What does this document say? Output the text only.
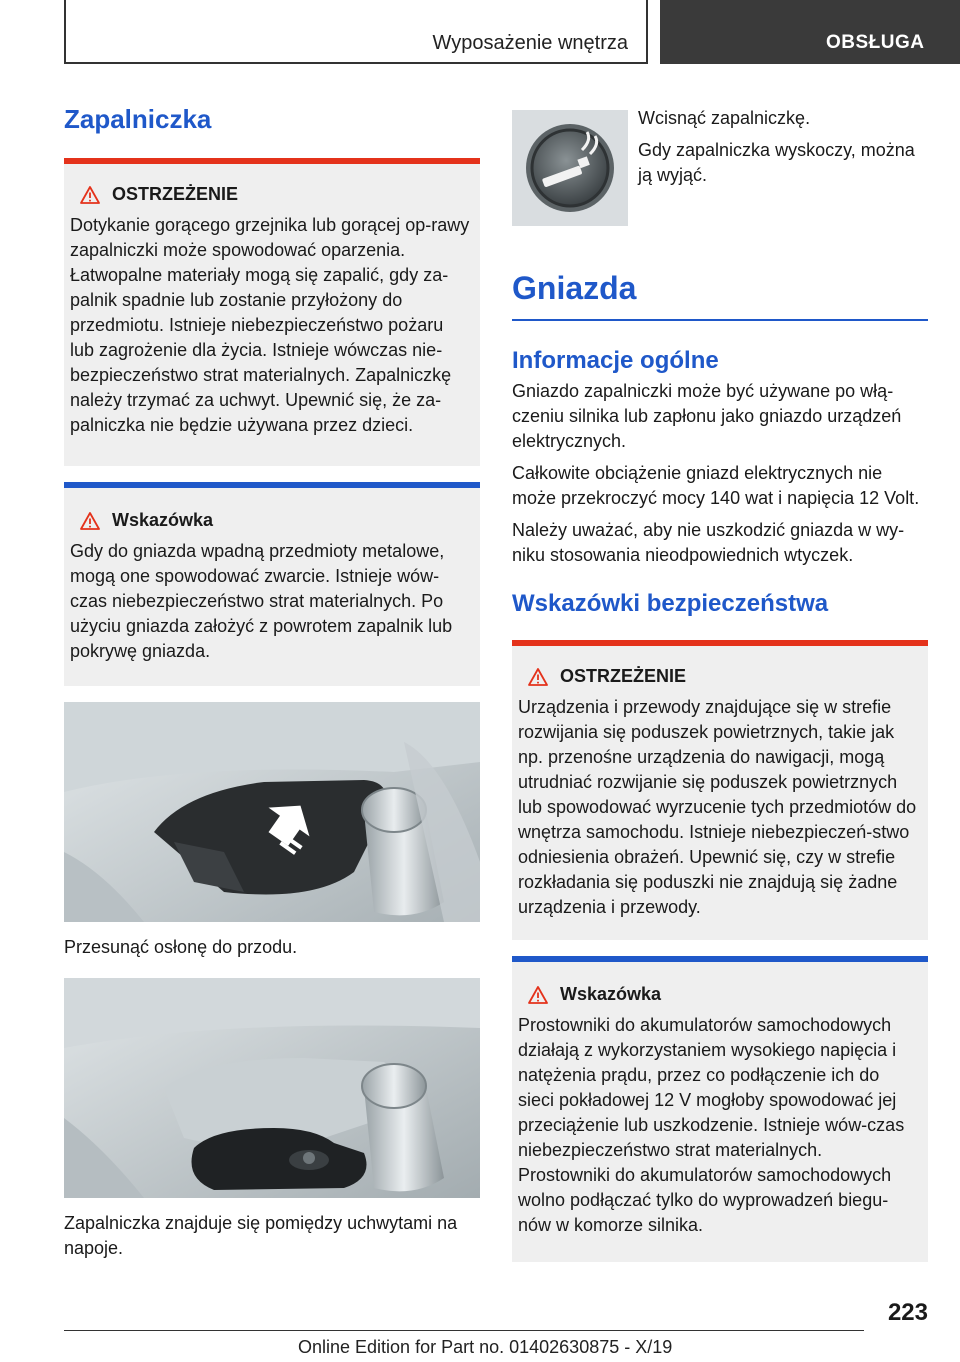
Wyposażenie wnętrza	OBSŁUGA
Zapalniczka
OSTRZEŻENIE

Dotykanie gorącego grzejnika lub gorącej op-rawy zapalniczki może spowodować oparzenia. Łatwopalne materiały mogą się zapalić, gdy za-palnik spadnie lub zostanie przyłożony do przedmiotu. Istnieje niebezpieczeństwo pożaru lub zagrożenie dla życia. Istnieje wówczas nie-bezpieczeństwo strat materialnych. Zapalniczkę należy trzymać za uchwyt. Upewnić się, że za-palniczka nie będzie używana przez dzieci.

Wskazówka

Gdy do gniazda wpadną przedmioty metalowe, mogą one spowodować zwarcie. Istnieje wów-czas niebezpieczeństwo strat materialnych. Po użyciu gniazda założyć z powrotem zapalnik lub pokrywę gniazda.

Przesunąć osłonę do przodu.
Zapalniczka znajduje się pomiędzy uchwytami na napoje.

Wcisnąć zapalniczkę.

Gdy zapalniczka wyskoczy, można ją wyjąć.

Gniazda
Informacje ogólne

Gniazdo zapalniczki może być używane po włą-czeniu silnika lub zapłonu jako gniazdo urządzeń elektrycznych.

Całkowite obciążenie gniazd elektrycznych nie może przekroczyć mocy 140 wat i napięcia 12 Volt.

Należy uważać, aby nie uszkodzić gniazda w wy-niku stosowania nieodpowiednich wtyczek.

Wskazówki bezpieczeństwa
OSTRZEŻENIE

Urządzenia i przewody znajdujące się w strefie rozwijania się poduszek powietrznych, takie jak np. przenośne urządzenia do nawigacji, mogą utrudniać rozwijanie się poduszek powietrznych lub spowodować wyrzucenie tych przedmiotów do wnętrza samochodu. Istnieje niebezpieczeń-stwo odniesienia obrażeń. Upewnić się, czy w strefie rozkładania się poduszki nie znajdują się żadne urządzenia i przewody.

Wskazówka

Prostowniki do akumulatorów samochodowych działają z wykorzystaniem wysokiego napięcia i natężenia prądu, przez co podłączenie ich do sieci pokładowej 12 V mogłoby spowodować jej przeciążenie lub uszkodzenie. Istnieje wów-czas niebezpieczeństwo strat materialnych. Prostowniki do akumulatorów samochodowych wolno podłączać tylko do wyprowadzeń biegu-nów w komorze silnika.

223
Online Edition for Part no. 01402630875 - X/19
